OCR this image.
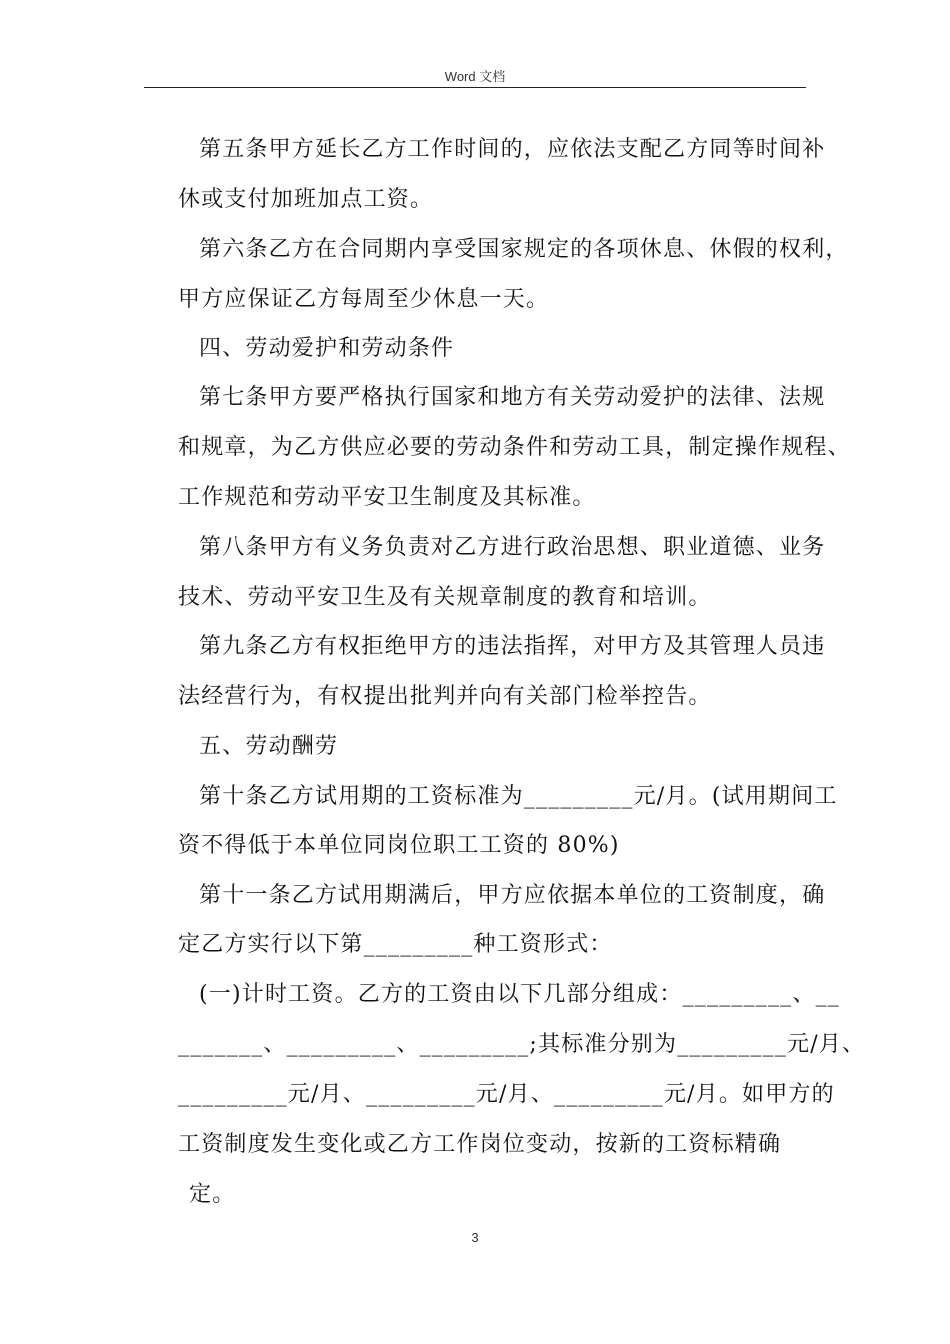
Word 文档
第五条甲方延长乙方工作时间的，应依法支配乙方同等时间补
休或支付加班加点工资。
第六条乙方在合同期内享受国家规定的各项休息、休假的权利，
甲方应保证乙方每周至少休息一天。
四、劳动爱护和劳动条件
第七条甲方要严格执行国家和地方有关劳动爱护的法律、法规
和规章，为乙方供应必要的劳动条件和劳动工具，制定操作规程、
工作规范和劳动平安卫生制度及其标准。
第八条甲方有义务负责对乙方进行政治思想、职业道德、业务
技术、劳动平安卫生及有关规章制度的教育和培训。
第九条乙方有权拒绝甲方的违法指挥，对甲方及其管理人员违
法经营行为，有权提出批判并向有关部门检举控告。
五、劳动酬劳
第十条乙方试用期的工资标准为_________元/月。(试用期间工
资不得低于本单位同岗位职工工资的 80%)
第十一条乙方试用期满后，甲方应依据本单位的工资制度，确
定乙方实行以下第_________种工资形式：
(一)计时工资。乙方的工资由以下几部分组成：_________、__
_______、_________、_________;其标准分别为_________元/月、
_________元/月、_________元/月、_________元/月。如甲方的
工资制度发生变化或乙方工作岗位变动，按新的工资标精确
定。
3
